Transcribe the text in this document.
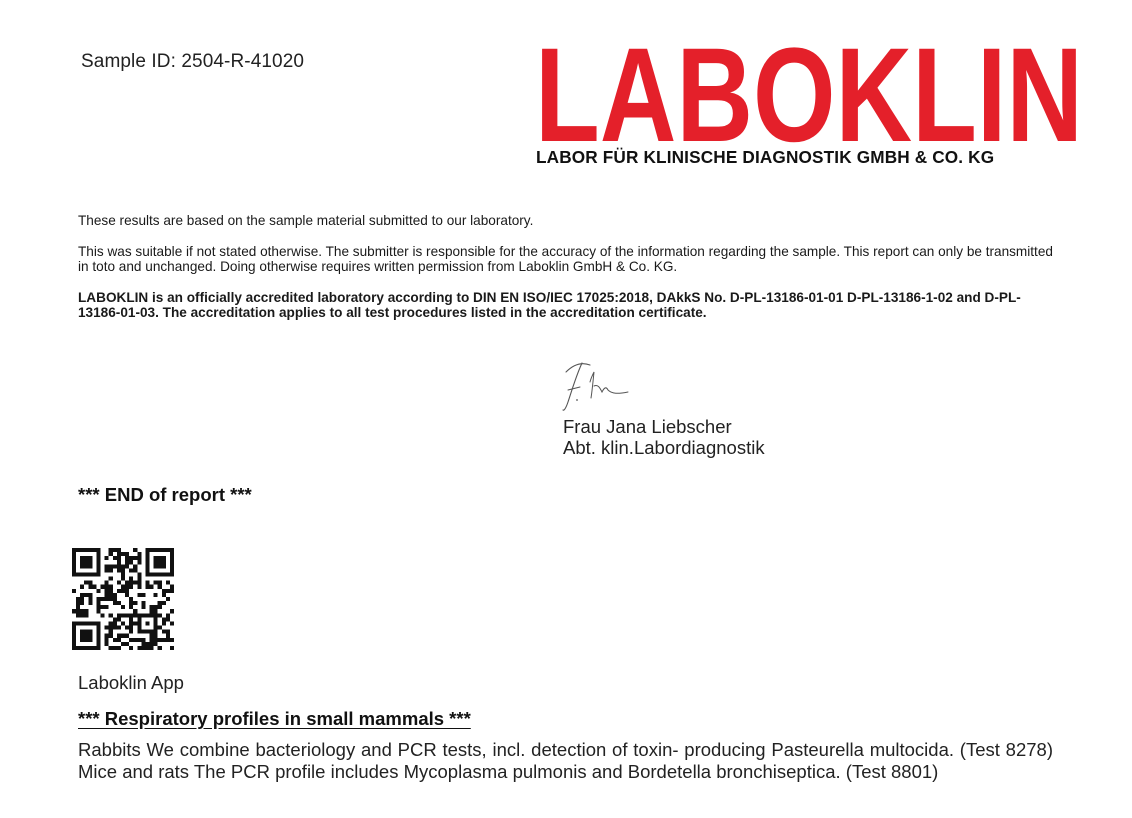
Sample ID: 2504-R-41020 LABOKLIN
LABOR FÜR KLINISCHE DIAGNOSTIK GMBH & CO. KG
These results are based on the sample material submitted to our laboratory.
This was suitable if not stated otherwise. The submitter is responsible for the accuracy of the information regarding the sample. This report can only be transmitted in toto and unchanged. Doing otherwise requires written permission from Laboklin GmbH & Co. KG.
LABOKLIN is an officially accredited laboratory according to DIN EN ISO/IEC 17025:2018, DAkkS No. D-PL-13186-01-01 D-PL-13186-1-02 and D-PL-13186-01-03. The accreditation applies to all test procedures listed in the accreditation certificate.
Frau Jana Liebscher
Abt. klin.Labordiagnostik
*** END of report ***
Laboklin App
*** Respiratory profiles in small mammals ***
Rabbits We combine bacteriology and PCR tests, incl. detection of toxin- producing Pasteurella multocida. (Test 8278) Mice and rats The PCR profile includes Mycoplasma pulmonis and Bordetella bronchiseptica. (Test 8801)
